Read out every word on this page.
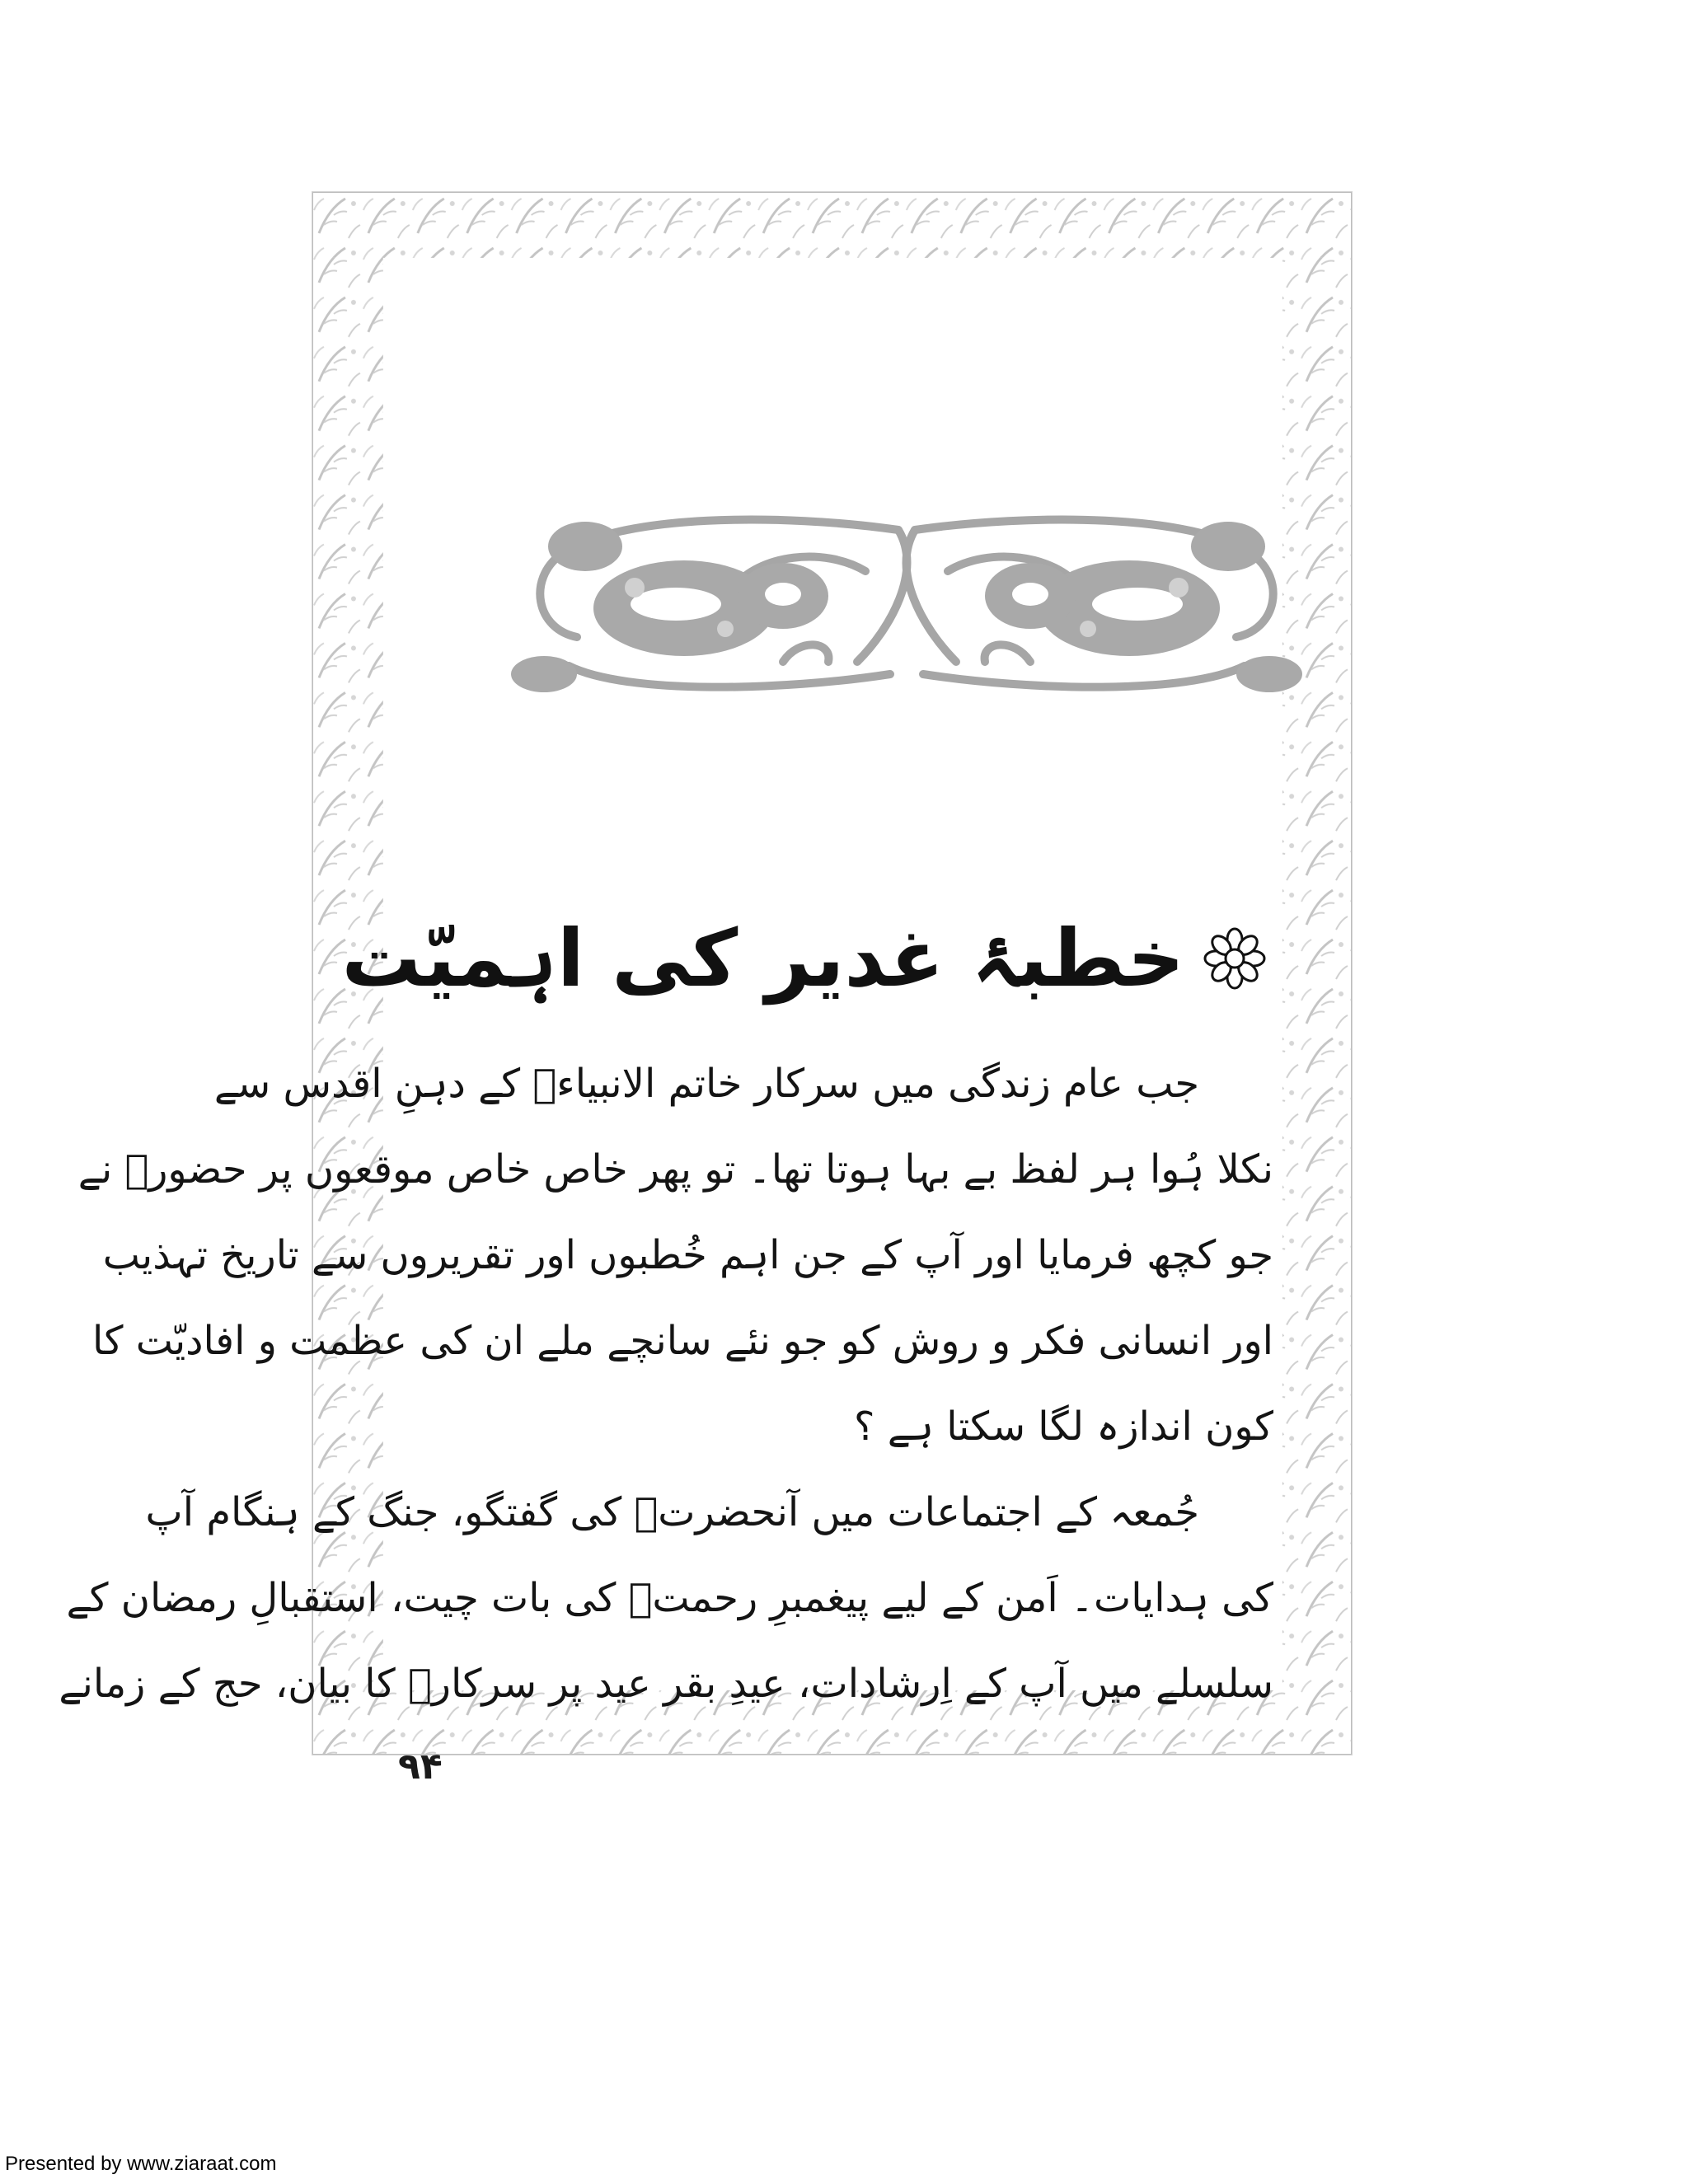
خطبۂ غدیر کی اہمیّت
جب عام زندگی میں سرکار خاتم الانبیاءؐ کے دہنِ اقدس سے
نکلا ہُوا ہر لفظ بے بہا ہوتا تھا۔ تو پھر خاص خاص موقعوں پر حضورؐ نے
جو کچھ فرمایا اور آپ کے جن اہم خُطبوں اور تقریروں سے تاریخ تہذیب
اور انسانی فکر و روش کو جو نئے سانچے ملے ان کی عظمت و افادیّت کا
کون اندازہ لگا سکتا ہے ؟
جُمعہ کے اجتماعات میں آنحضرتؐ کی گفتگو، جنگ کے ہنگام آپ
کی ہدایات۔ اَمن کے لیے پیغمبرِ رحمتؐ کی بات چیت، استقبالِ رمضان کے
سلسلے میں آپ کے اِرشادات، عیدِ بقر عید پر سرکارؐ کا بیان، حج کے زمانے
۹۴
Presented by www.ziaraat.com
